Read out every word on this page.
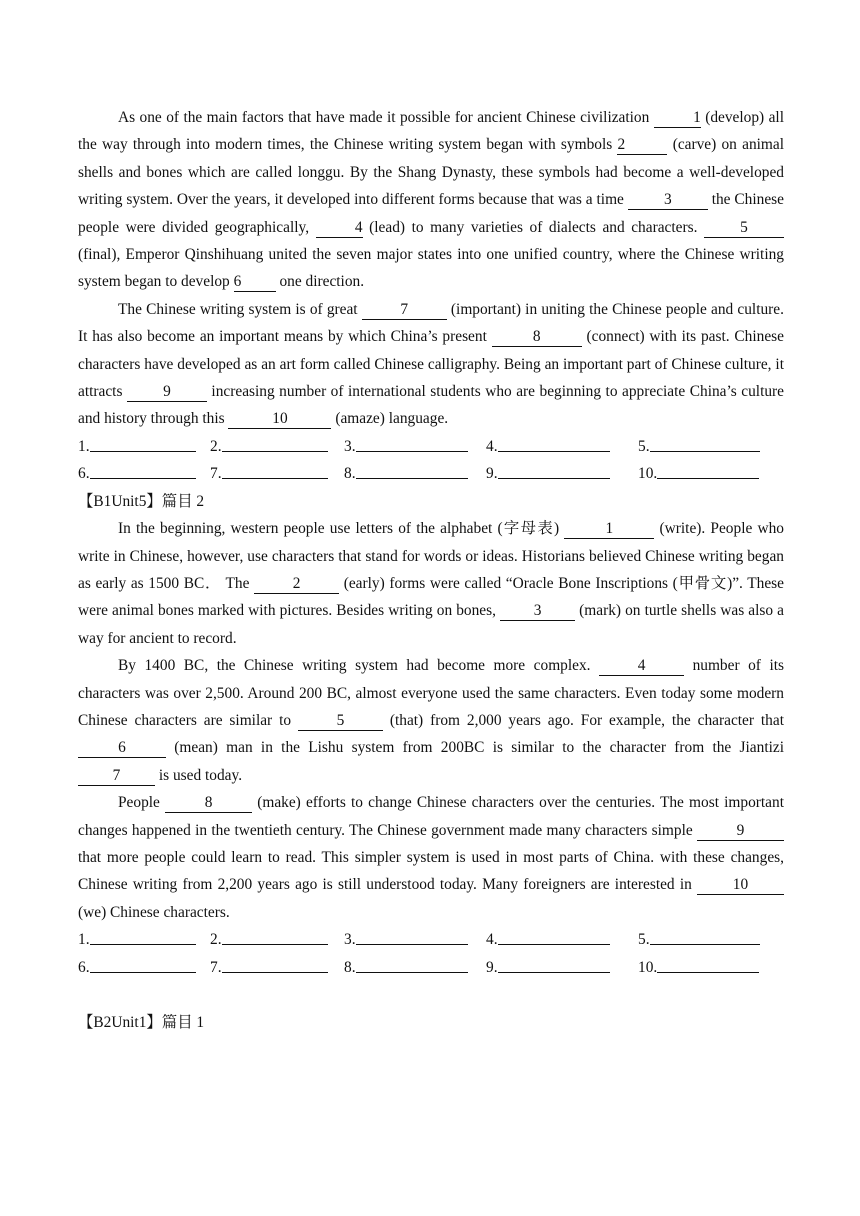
As one of the main factors that have made it possible for ancient Chinese civilization	1 (develop) all the way through into modern times, the Chinese writing system began with symbols 2	(carve) on animal shells and bones which are called longgu. By the Shang Dynasty, these symbols had become a well-developed writing system. Over the years, it developed into different forms because that was a time 3 the Chinese people were divided geographically,	4 (lead) to many varieties of dialects and characters. 5 (final), Emperor Qinshihuang united the seven major states into one unified country, where the Chinese writing system began to develop 6 one direction.

The Chinese writing system is of great	7	(important) in uniting the Chinese people and culture. It has also become an important means by which China’s present	8	(connect) with its past. Chinese characters have developed as an art form called Chinese calligraphy. Being an important part of Chinese culture, it attracts 9 increasing number of international students who are beginning to appreciate China’s culture and history through this	10	(amaze) language.

1.	2.	3.	4.	5.
6.	7.	8.	9.	10.

【B1Unit5】篇目 2

In the beginning, western people use letters of the alphabet (字母表)	1	(write). People who write in Chinese, however, use characters that stand for words or ideas. Historians believed Chinese writing began as early as 1500 BC． The	2	(early) forms were called “Oracle Bone Inscriptions (甲骨文)”. These were animal bones marked with pictures. Besides writing on bones, 3 (mark) on turtle shells was also a way for ancient to record.

By 1400 BC, the Chinese writing system had become more complex.	4	number of its characters was over 2,500. Around 200 BC, almost everyone used the same characters. Even today some modern Chinese characters are similar to	5	(that) from 2,000 years ago. For example, the character that 6	(mean) man in the Lishu system from 200BC is similar to the character from the Jiantizi 7 is used today.

People	8	(make) efforts to change Chinese characters over the centuries. The most important changes happened in the twentieth century. The Chinese government made many characters simple	9 that more people could learn to read. This simpler system is used in most parts of China. with these changes, Chinese writing from 2,200 years ago is still understood today. Many foreigners are interested in 10 (we) Chinese characters.

1.	2.	3.	4.	5.
6.	7.	8.	9.	10.

【B2Unit1】篇目 1
